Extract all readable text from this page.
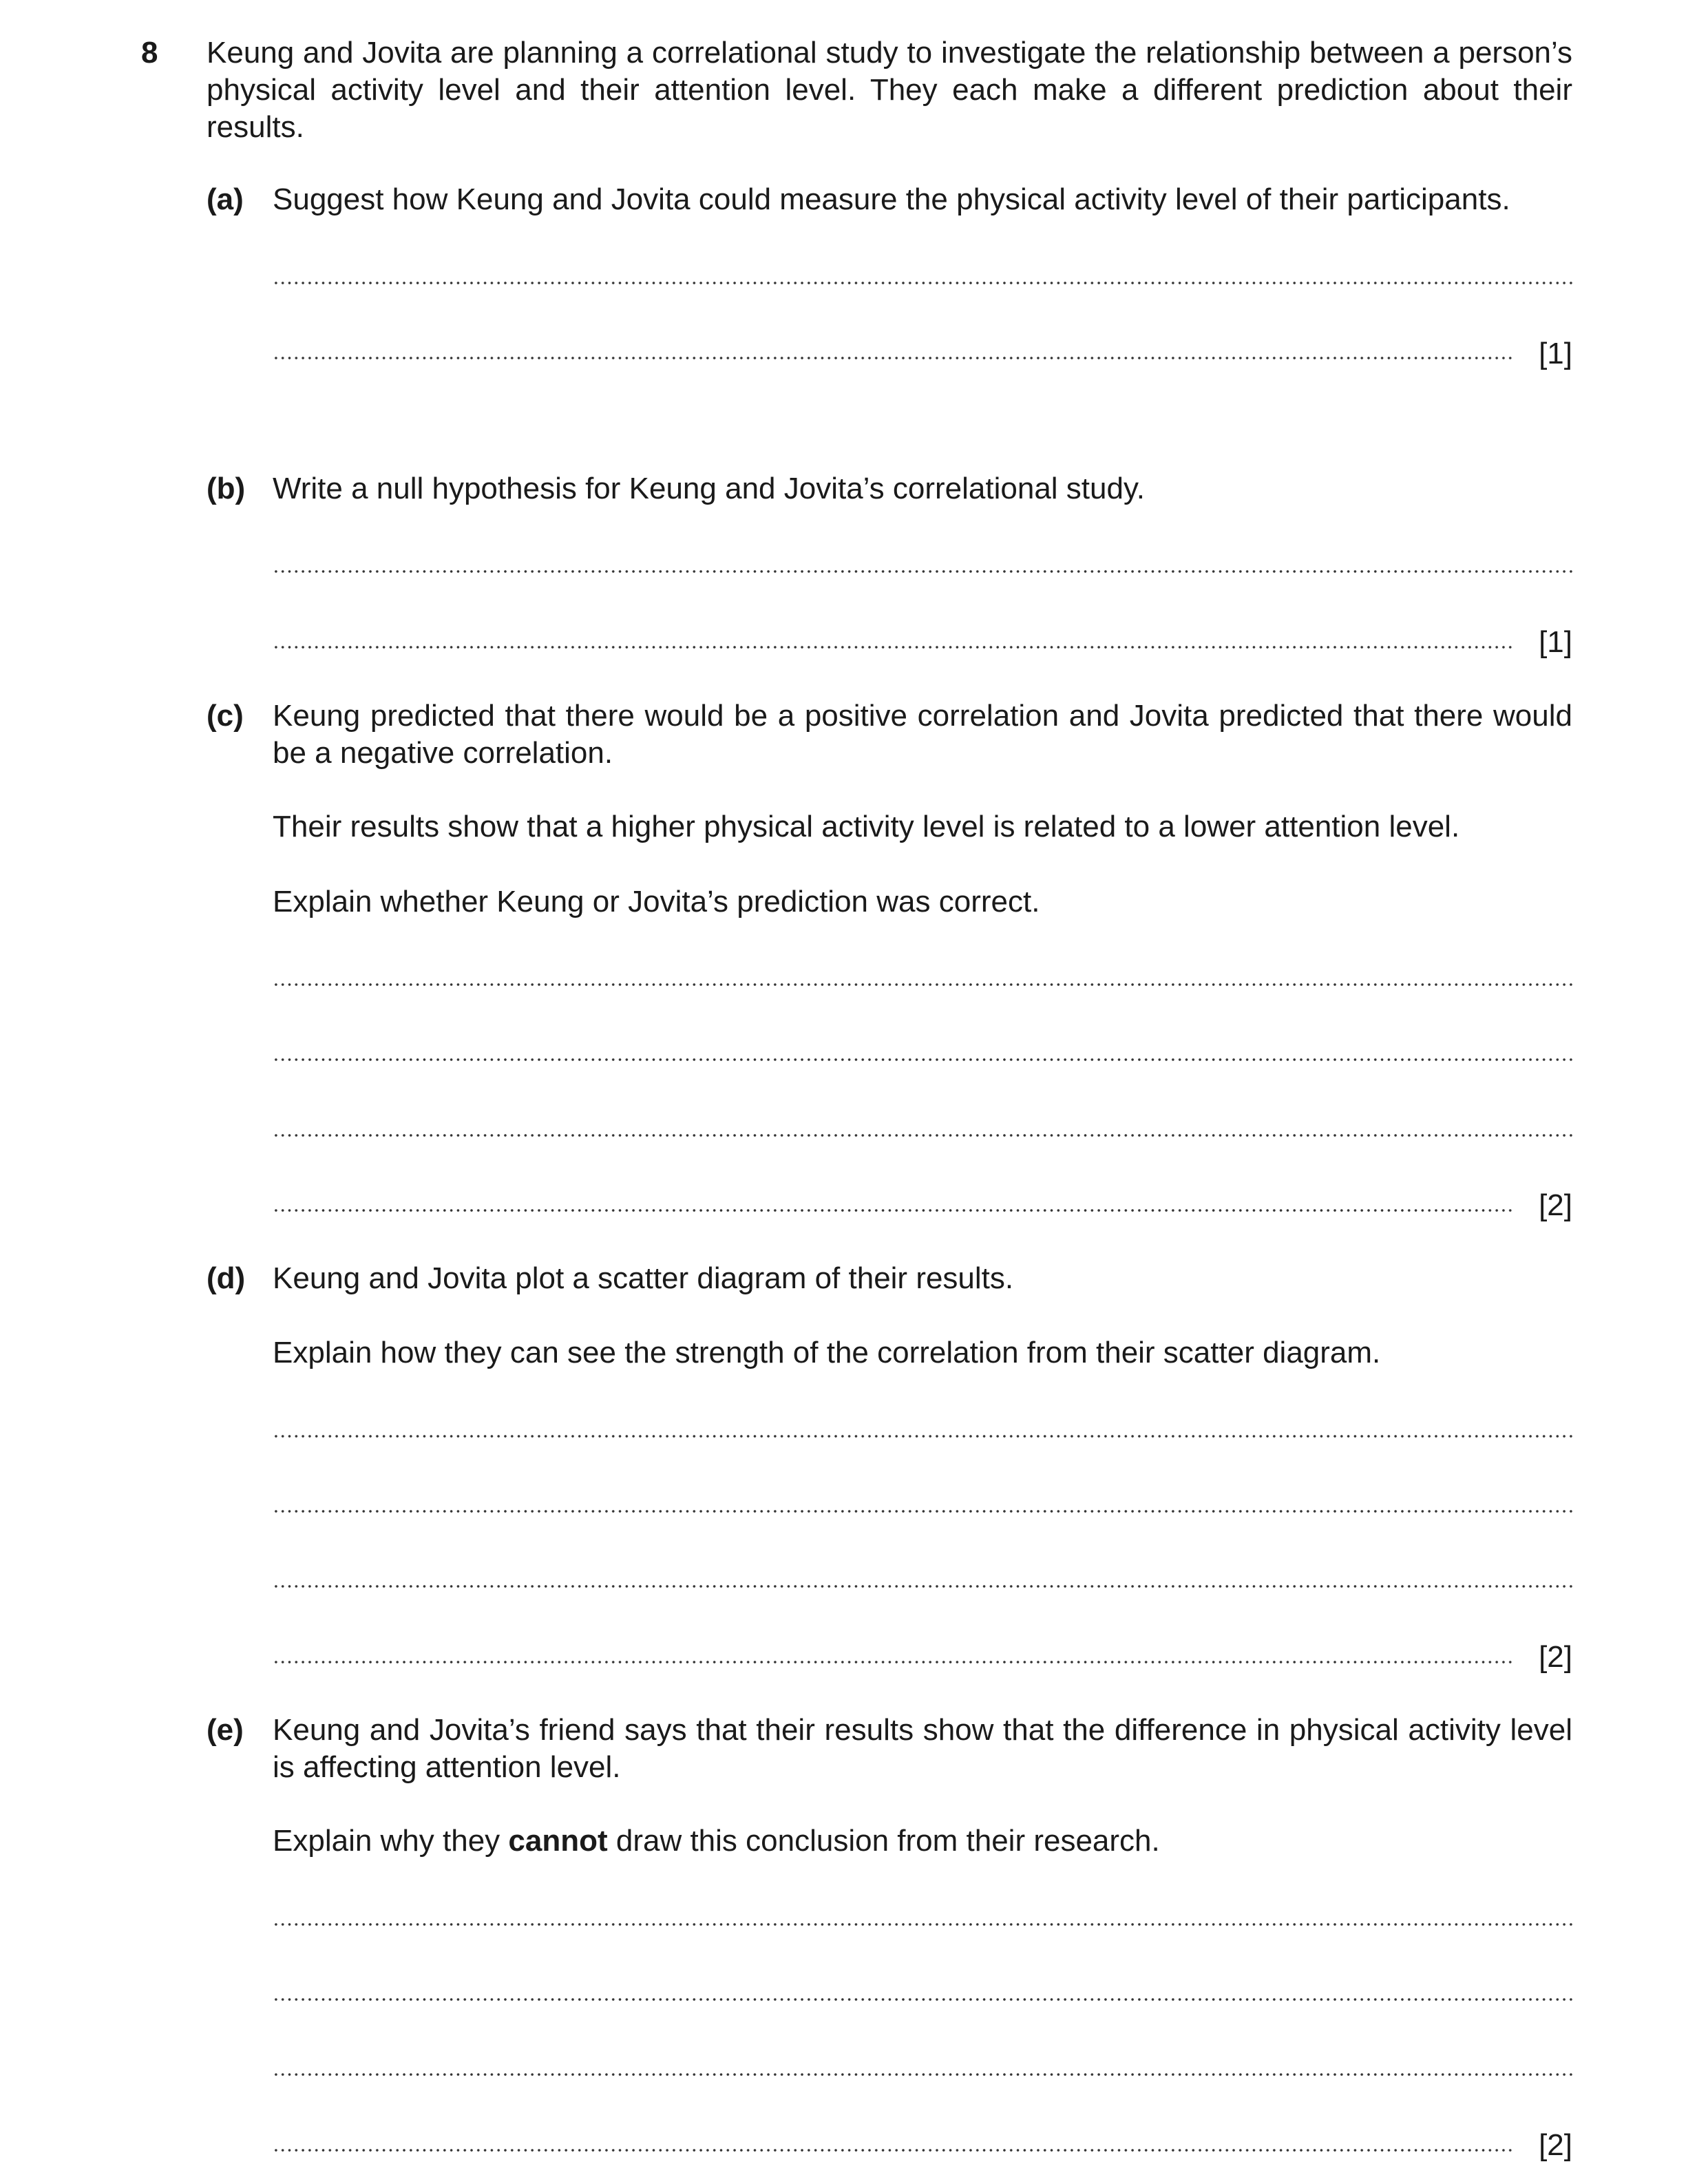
8 Keung and Jovita are planning a correlational study to investigate the relationship between a person’s physical activity level and their attention level. They each make a different prediction about their results.
(a) Suggest how Keung and Jovita could measure the physical activity level of their participants.
[1]
(b) Write a null hypothesis for Keung and Jovita’s correlational study.
[1]
(c) Keung predicted that there would be a positive correlation and Jovita predicted that there would be a negative correlation.
Their results show that a higher physical activity level is related to a lower attention level.
Explain whether Keung or Jovita’s prediction was correct.
[2]
(d) Keung and Jovita plot a scatter diagram of their results.
Explain how they can see the strength of the correlation from their scatter diagram.
[2]
(e) Keung and Jovita’s friend says that their results show that the difference in physical activity level is affecting attention level.
Explain why they cannot draw this conclusion from their research.
[2]
